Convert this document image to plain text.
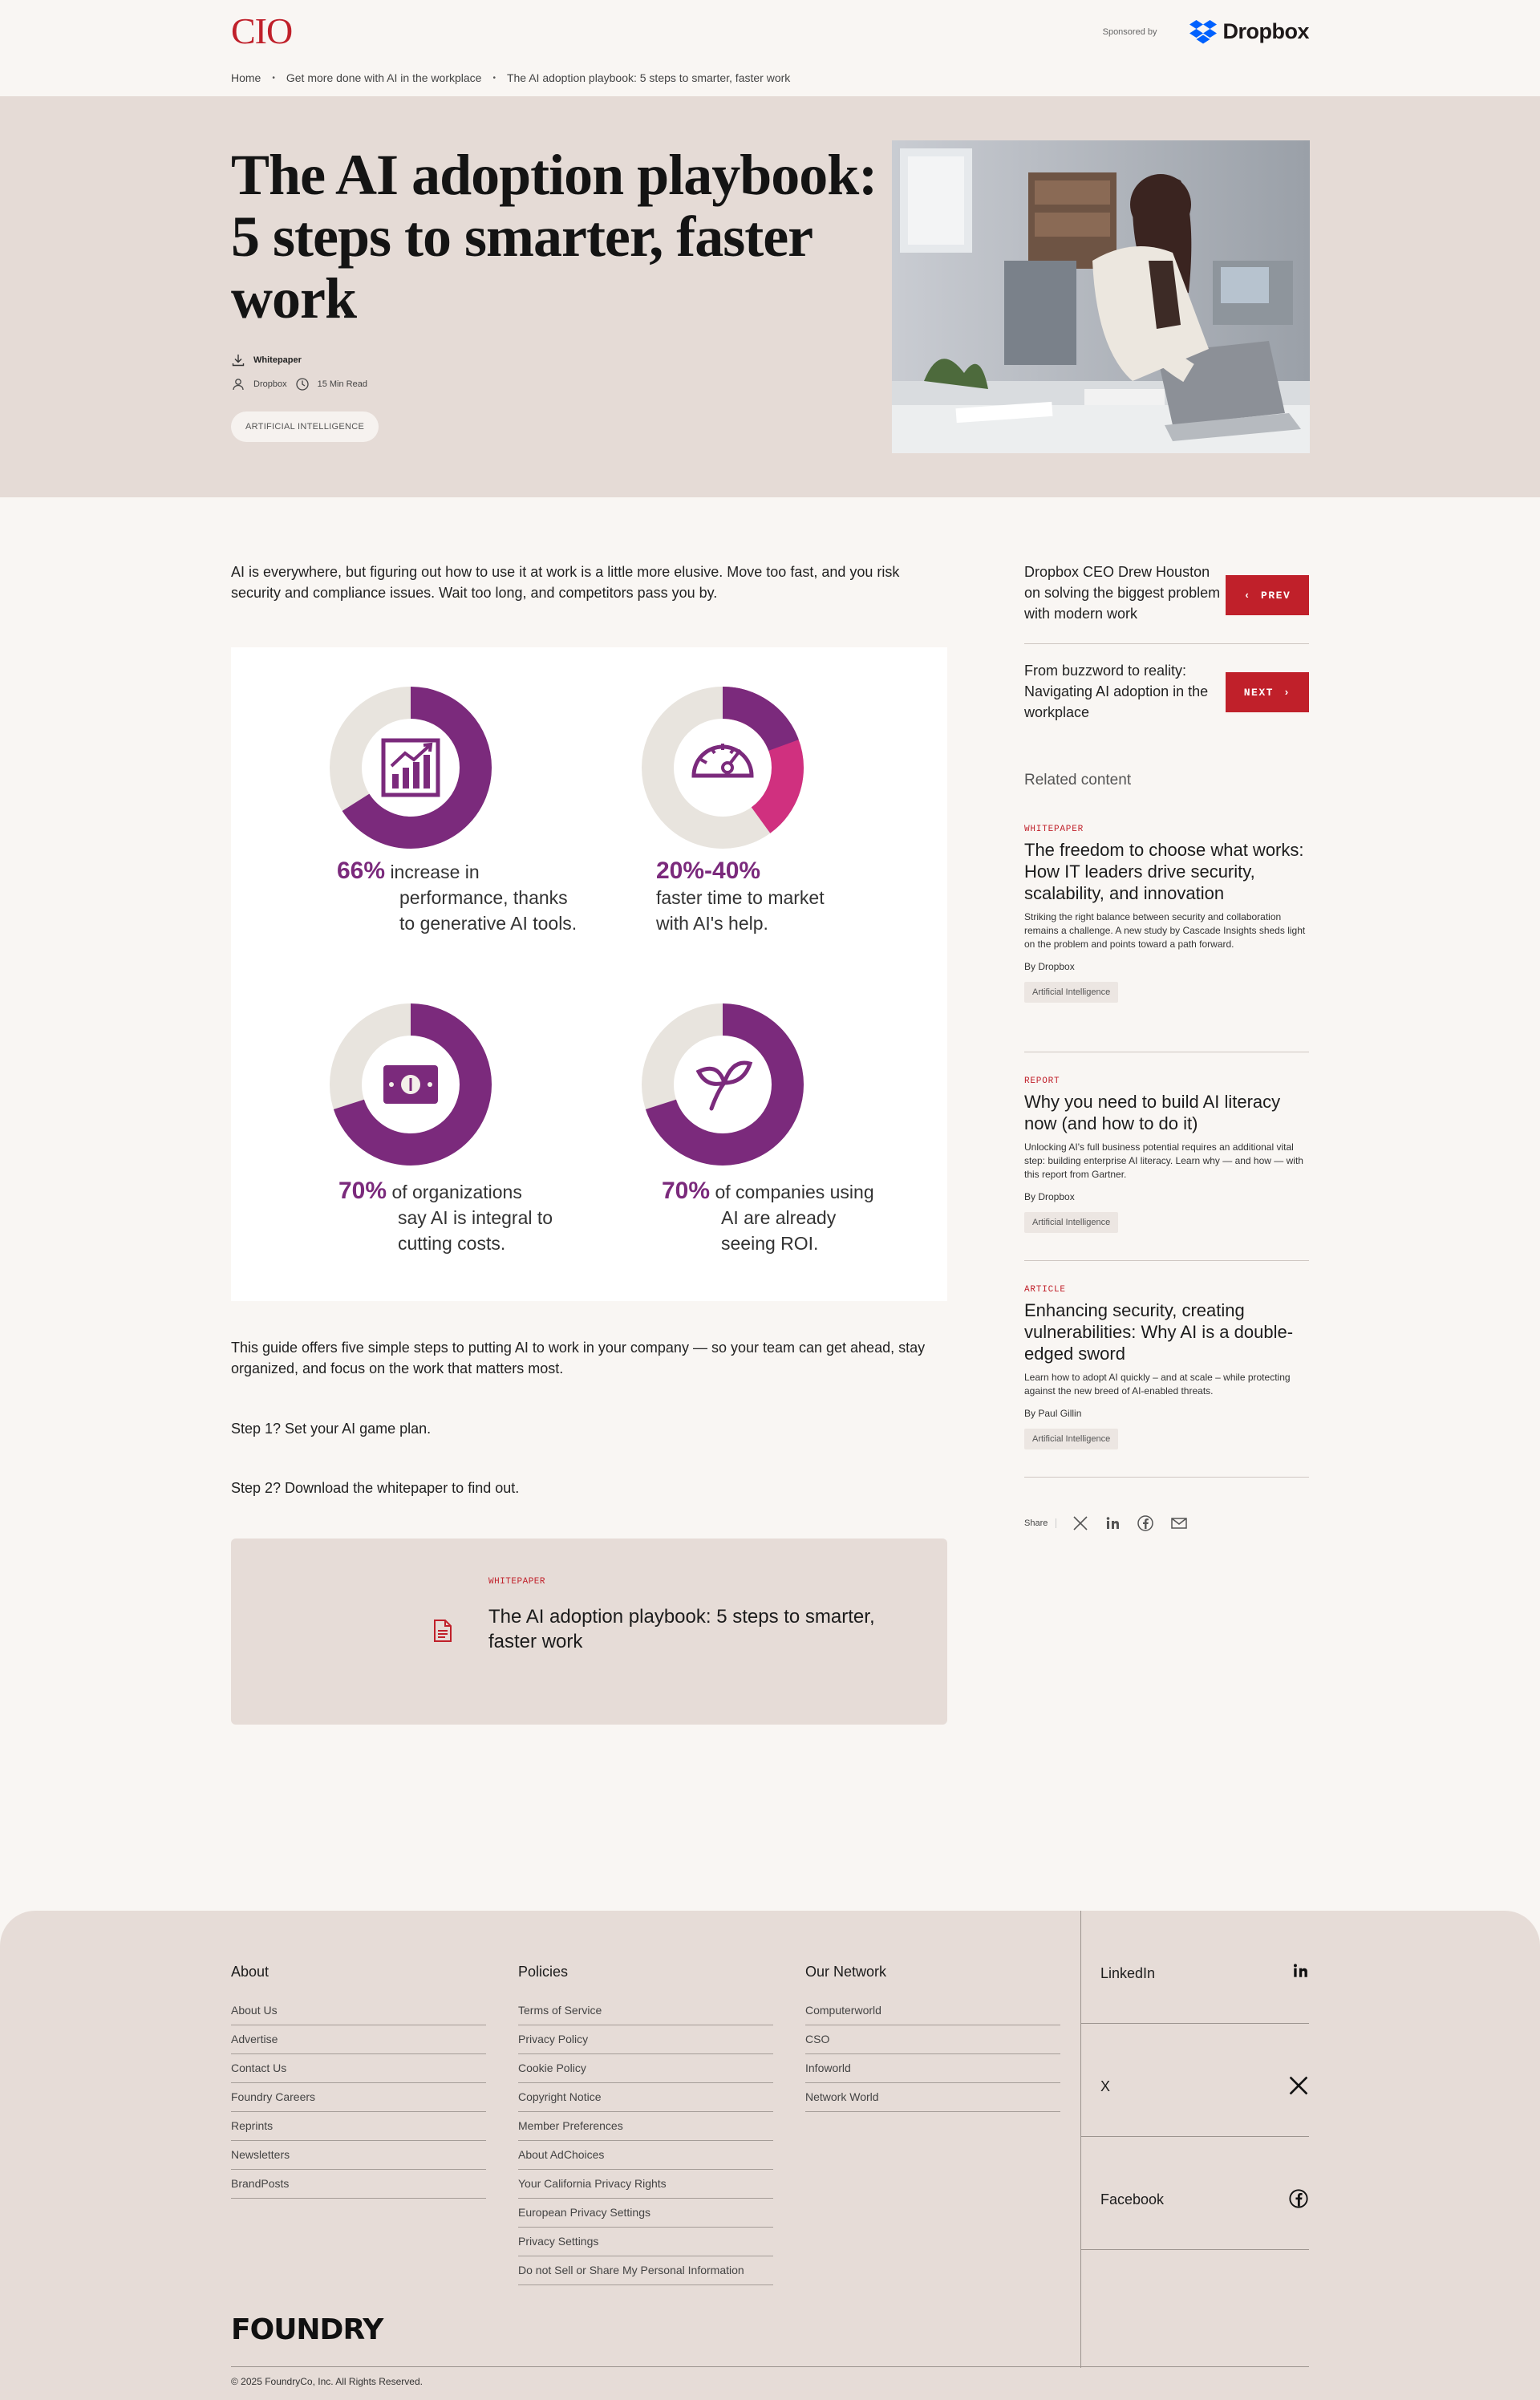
CIO	Sponsored by	Dropbox
Home • Get more done with AI in the workplace • The AI adoption playbook: 5 steps to smarter, faster work
The AI adoption playbook: 5 steps to smarter, faster work
Whitepaper
Dropbox	15 Min Read
ARTIFICIAL INTELLIGENCE

AI is everywhere, but figuring out how to use it at work is a little more elusive. Move too fast, and you risk security and compliance issues. Wait too long, and competitors pass you by.

66% increase in
performance, thanks
to generative AI tools.
20%-40%
faster time to market
with AI's help.
70% of organizations
say AI is integral to
cutting costs.
70% of companies using
AI are already
seeing ROI.

This guide offers five simple steps to putting AI to work in your company — so your team can get ahead, stay organized, and focus on the work that matters most.

Step 1? Set your AI game plan.

Step 2? Download the whitepaper to find out.

WHITEPAPER
The AI adoption playbook: 5 steps to smarter, faster work
Dropbox CEO Drew Houston on solving the biggest problem with modern work
‹ PREV
From buzzword to reality: Navigating AI adoption in the workplace
NEXT ›
Related content
WHITEPAPER
The freedom to choose what works: How IT leaders drive security, scalability, and innovation
Striking the right balance between security and collaboration remains a challenge. A new study by Cascade Insights sheds light on the problem and points toward a path forward.
By Dropbox
Artificial Intelligence
REPORT
Why you need to build AI literacy now (and how to do it)
Unlocking AI's full business potential requires an additional vital step: building enterprise AI literacy. Learn why — and how — with this report from Gartner.
By Dropbox
Artificial Intelligence
ARTICLE
Enhancing security, creating vulnerabilities: Why AI is a double-edged sword
Learn how to adopt AI quickly – and at scale – while protecting against the new breed of AI-enabled threats.
By Paul Gillin
Artificial Intelligence
Share
About
About Us
Advertise
Contact Us
Foundry Careers
Reprints
Newsletters
BrandPosts
Policies
Terms of Service
Privacy Policy
Cookie Policy
Copyright Notice
Member Preferences
About AdChoices
Your California Privacy Rights
European Privacy Settings
Privacy Settings
Do not Sell or Share My Personal Information
Our Network
Computerworld
CSO
Infoworld
Network World
LinkedIn
X
Facebook
FOUNDRY
© 2025 FoundryCo, Inc. All Rights Reserved.
